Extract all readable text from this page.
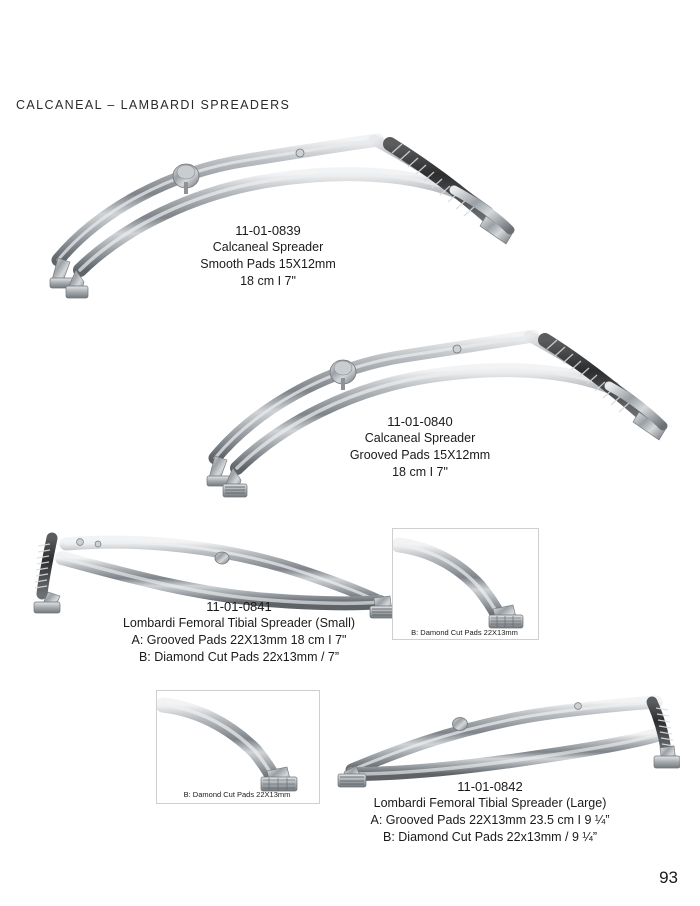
CALCANEAL – LAMBARDI SPREADERS
11-01-0839
Calcaneal Spreader
Smooth Pads 15X12mm
18 cm I 7"
11-01-0840
Calcaneal Spreader
Grooved Pads 15X12mm
18 cm I 7"
B: Damond Cut Pads 22X13mm
11-01-0841
Lombardi Femoral Tibial Spreader (Small)
A: Grooved Pads 22X13mm 18 cm I 7"
B: Diamond Cut Pads 22x13mm / 7”
B: Damond Cut Pads 22X13mm
11-01-0842
Lombardi Femoral Tibial Spreader (Large)
A: Grooved Pads 22X13mm 23.5 cm I 9 ¼”
B: Diamond Cut Pads 22x13mm / 9 ¼”
93
